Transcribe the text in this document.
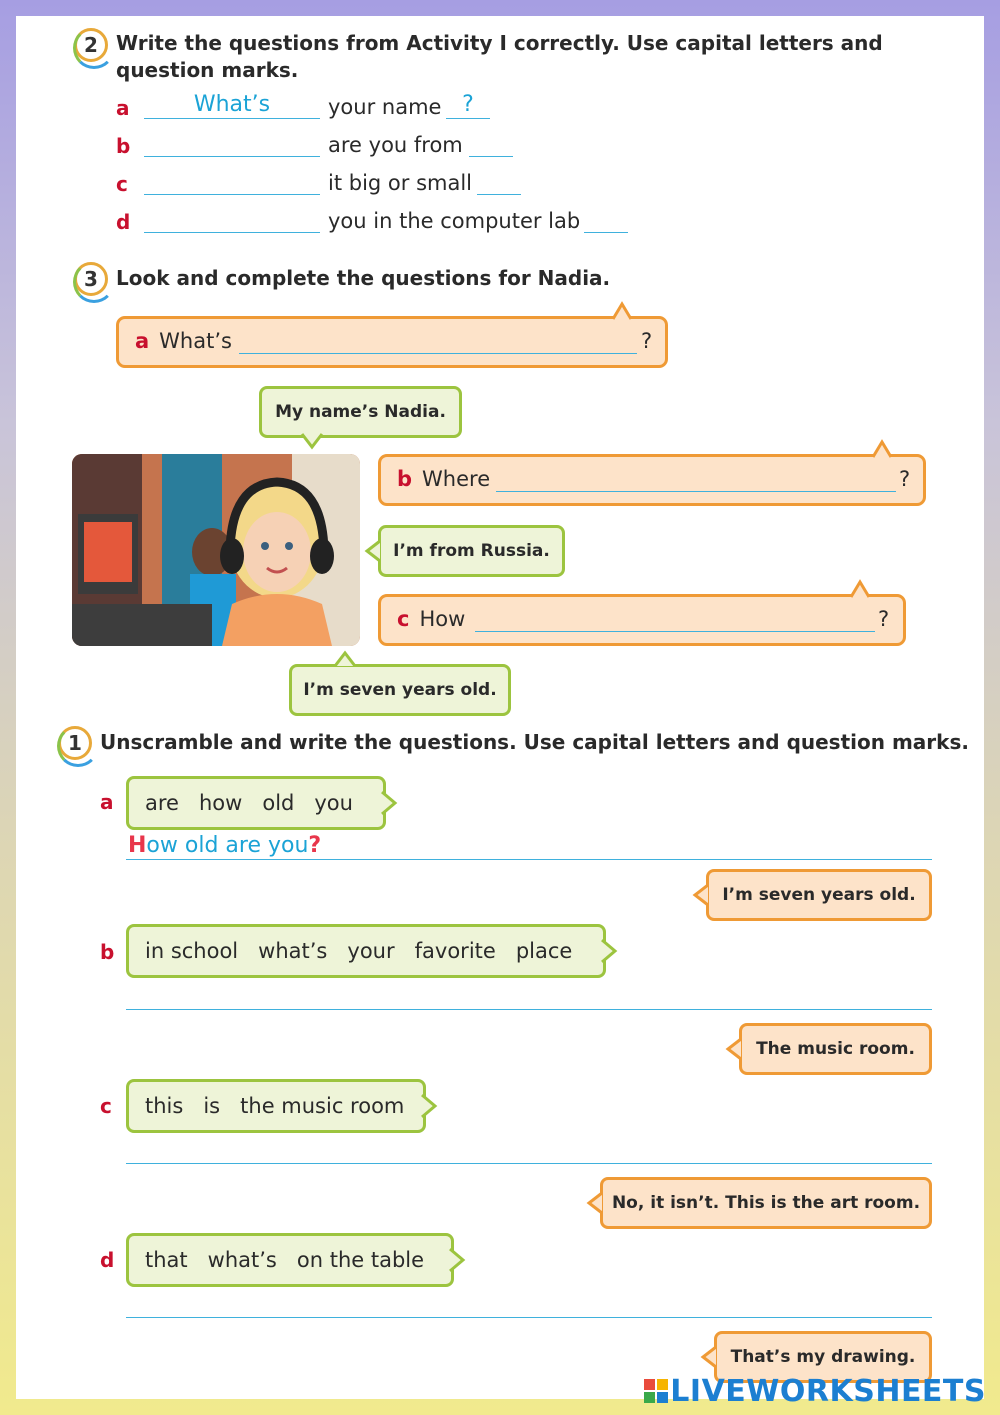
2 Write the questions from Activity I correctly. Use capital letters and
question marks.
a	What’s	your name ?
b	are you from
c	it big or small
d	you in the computer lab
3 Look and complete the questions for Nadia.
a What’s	?
My name’s Nadia.
b Where	?
I’m from Russia.
c How	?
I’m seven years old.
1 Unscramble and write the questions. Use capital letters and question marks.
a	are   how   old   you
How old are you?
I’m seven years old.
b	in school   what’s   your   favorite   place
The music room.
c	this   is   the music room
No, it isn’t. This is the art room.
d	that   what’s   on the table
That’s my drawing.
LIVEWORKSHEETS
